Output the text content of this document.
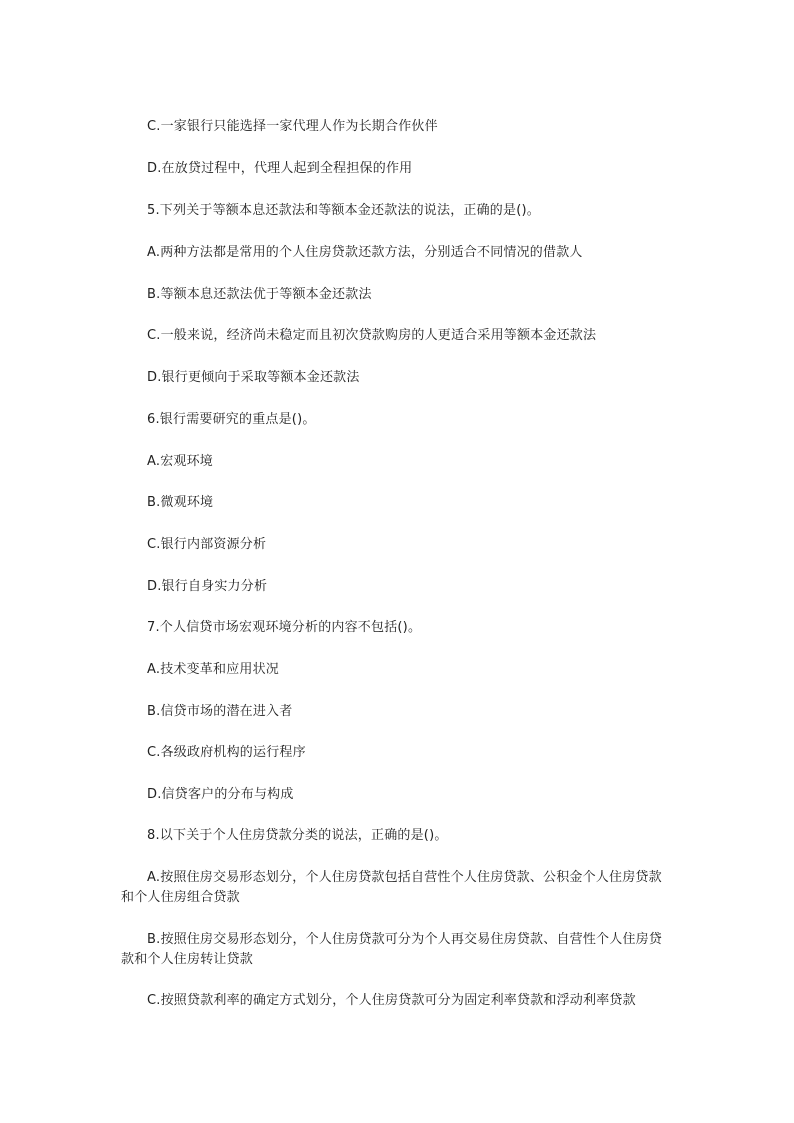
C.一家银行只能选择一家代理人作为长期合作伙伴
D.在放贷过程中，代理人起到全程担保的作用
5.下列关于等额本息还款法和等额本金还款法的说法，正确的是()。
A.两种方法都是常用的个人住房贷款还款方法，分别适合不同情况的借款人
B.等额本息还款法优于等额本金还款法
C.一般来说，经济尚未稳定而且初次贷款购房的人更适合采用等额本金还款法
D.银行更倾向于采取等额本金还款法
6.银行需要研究的重点是()。
A.宏观环境
B.微观环境
C.银行内部资源分析
D.银行自身实力分析
7.个人信贷市场宏观环境分析的内容不包括()。
A.技术变革和应用状况
B.信贷市场的潜在进入者
C.各级政府机构的运行程序
D.信贷客户的分布与构成
8.以下关于个人住房贷款分类的说法，正确的是()。
A.按照住房交易形态划分，个人住房贷款包括自营性个人住房贷款、公积金个人住房贷款和个人住房组合贷款
B.按照住房交易形态划分，个人住房贷款可分为个人再交易住房贷款、自营性个人住房贷款和个人住房转让贷款
C.按照贷款利率的确定方式划分，个人住房贷款可分为固定利率贷款和浮动利率贷款
